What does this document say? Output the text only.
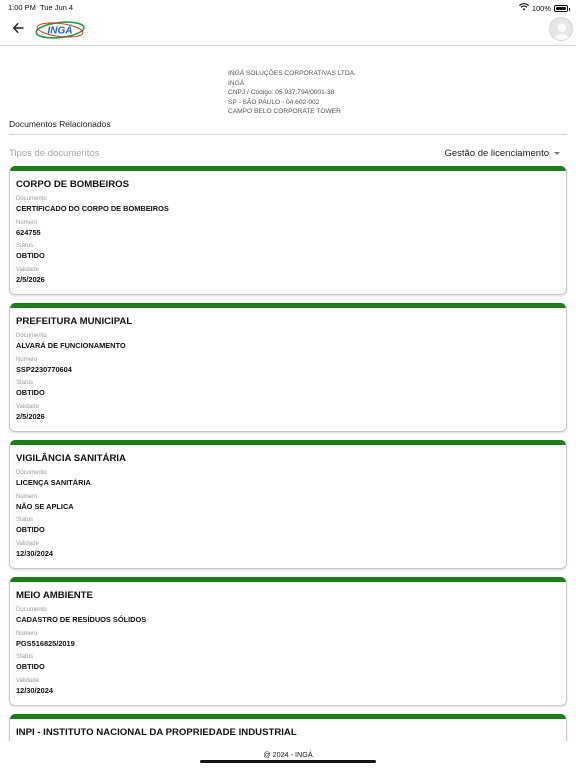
1:00 PM Tue Jun 4	100%
INGÁ
INGÁ SOLUÇÕES CORPORATIVAS LTDA.
INGÁ
CNPJ / Código: 05.937.794/0001-38
SP - SÃO PAULO - 04.602-002
CAMPO BELO CORPORATE TOWER
Documentos Relacionados
Tipos de documentos	Gestão de licenciamento
CORPO DE BOMBEIROS
Documento
CERTIFICADO DO CORPO DE BOMBEIROS
Número
624755
Status
OBTIDO
Validade
2/5/2026
PREFEITURA MUNICIPAL
Documento
ALVARÁ DE FUNCIONAMENTO
Número
SSP2230770604
Status
OBTIDO
Validade
2/5/2026
VIGILÂNCIA SANITÁRIA
Documento
LICENÇA SANITÁRIA
Número
NÃO SE APLICA
Status
OBTIDO
Validade
12/30/2024
MEIO AMBIENTE
Documento
CADASTRO DE RESÍDUOS SÓLIDOS
Número
PGS516825/2019
Status
OBTIDO
Validade
12/30/2024
INPI - INSTITUTO NACIONAL DA PROPRIEDADE INDUSTRIAL
@ 2024 - INGÁ
